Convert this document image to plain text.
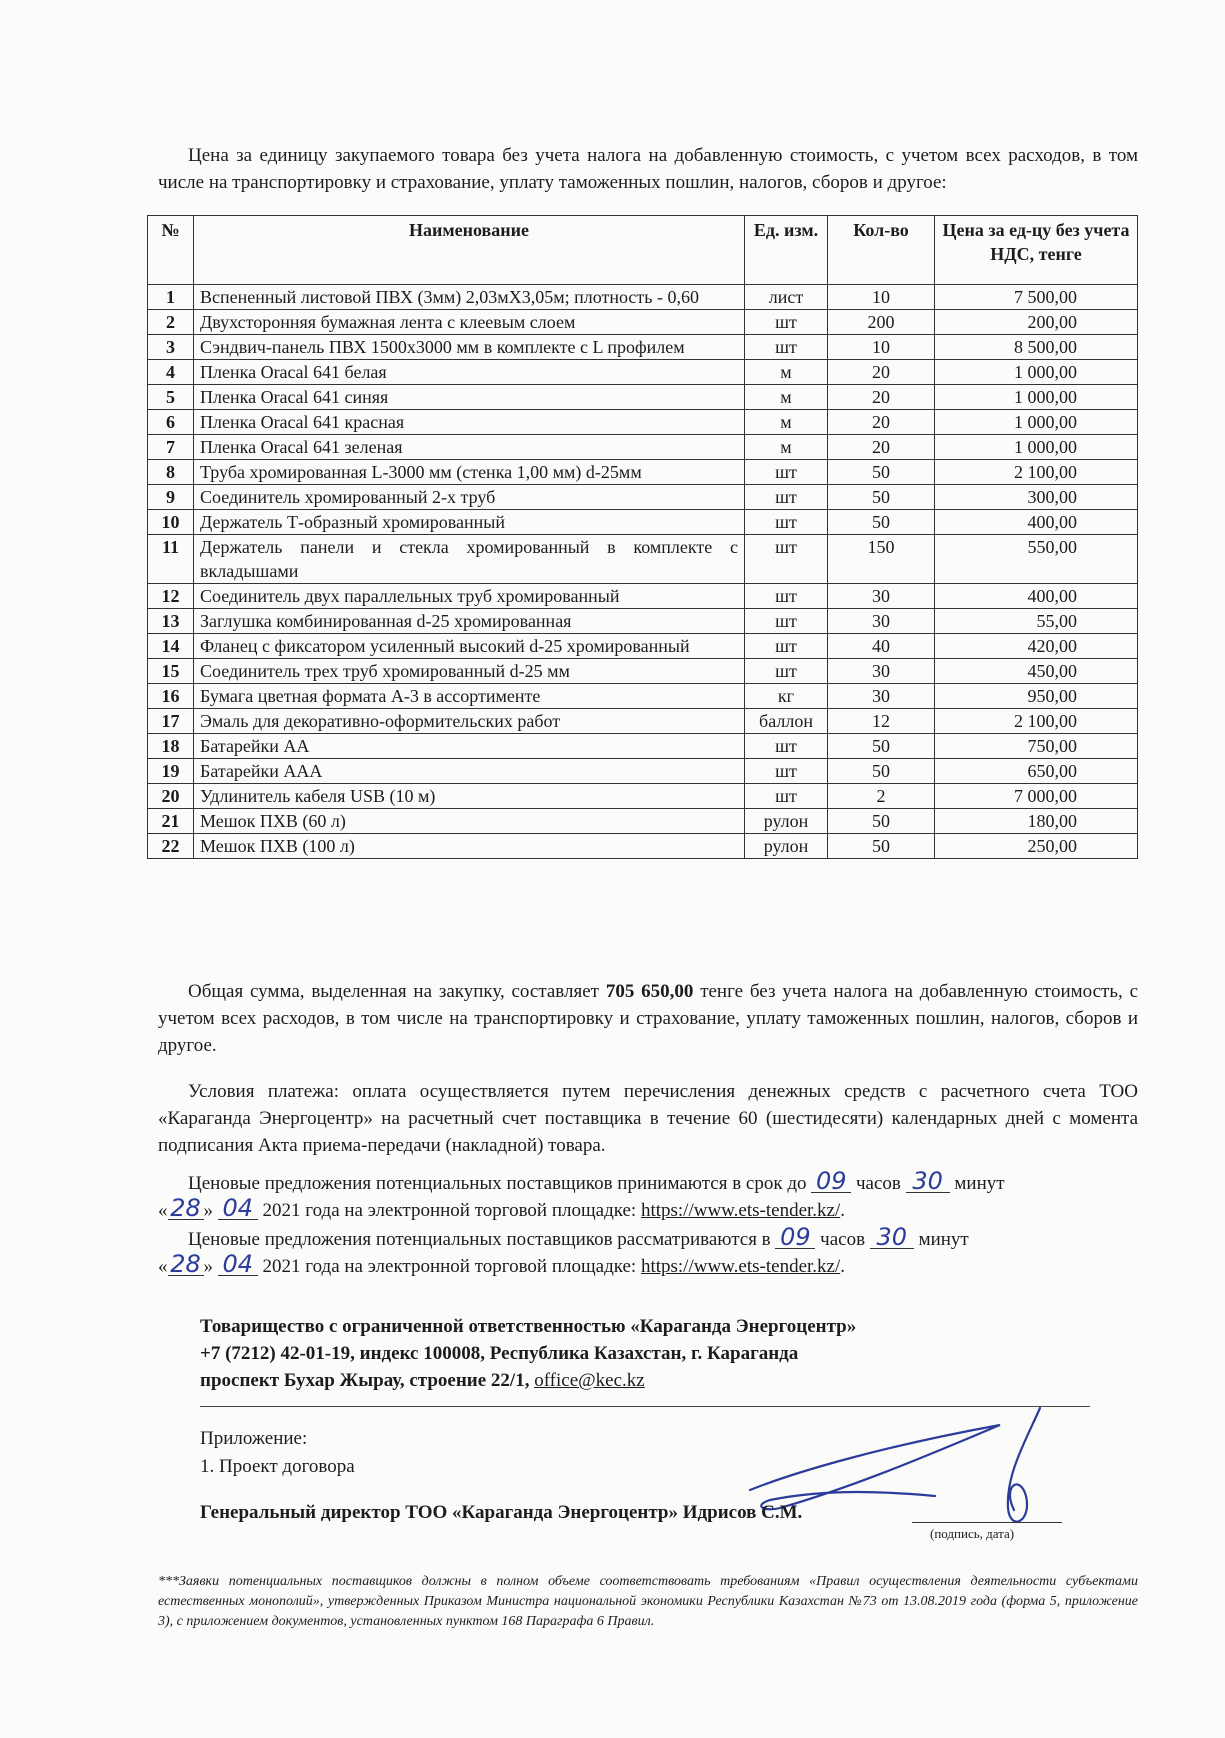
Цена за единицу закупаемого товара без учета налога на добавленную стоимость, с учетом всех расходов, в том числе на транспортировку и страхование, уплату таможенных пошлин, налогов, сборов и другое:
№	Наименование	Ед. изм.	Кол-во	Цена за ед-цу без учета НДС, тенге
1	Вспененный листовой ПВХ (3мм) 2,03мХ3,05м; плотность - 0,60	лист	10	7 500,00
2	Двухсторонняя бумажная лента с клеевым слоем	шт	200	200,00
3	Сэндвич-панель ПВХ 1500х3000 мм в комплекте с L профилем	шт	10	8 500,00
4	Пленка Oracal 641 белая	м	20	1 000,00
5	Пленка Oracal 641 синяя	м	20	1 000,00
6	Пленка Oracal 641 красная	м	20	1 000,00
7	Пленка Oracal 641 зеленая	м	20	1 000,00
8	Труба хромированная L-3000 мм (стенка 1,00 мм) d-25мм	шт	50	2 100,00
9	Соединитель хромированный 2-х труб	шт	50	300,00
10	Держатель Т-образный хромированный	шт	50	400,00
11	Держатель панели и стекла хромированный в комплекте с вкладышами	шт	150	550,00
12	Соединитель двух параллельных труб хромированный	шт	30	400,00
13	Заглушка комбинированная d-25 хромированная	шт	30	55,00
14	Фланец с фиксатором усиленный высокий d-25 хромированный	шт	40	420,00
15	Соединитель трех труб хромированный d-25 мм	шт	30	450,00
16	Бумага цветная формата А-3 в ассортименте	кг	30	950,00
17	Эмаль для декоративно-оформительских работ	баллон	12	2 100,00
18	Батарейки АА	шт	50	750,00
19	Батарейки ААА	шт	50	650,00
20	Удлинитель кабеля USB (10 м)	шт	2	7 000,00
21	Мешок ПХВ (60 л)	рулон	50	180,00
22	Мешок ПХВ (100 л)	рулон	50	250,00
Общая сумма, выделенная на закупку, составляет 705 650,00 тенге без учета налога на добавленную стоимость, с учетом всех расходов, в том числе на транспортировку и страхование, уплату таможенных пошлин, налогов, сборов и другое.
Условия платежа: оплата осуществляется путем перечисления денежных средств с расчетного счета ТОО «Караганда Энергоцентр» на расчетный счет поставщика в течение 60 (шестидесяти) календарных дней с момента подписания Акта приема-передачи (накладной) товара.
Ценовые предложения потенциальных поставщиков принимаются в срок до 09 часов 30 минут
« 28 » 04 2021 года на электронной торговой площадке: https://www.ets-tender.kz/.
Ценовые предложения потенциальных поставщиков рассматриваются в 09 часов 30 минут
« 28 » 04 2021 года на электронной торговой площадке: https://www.ets-tender.kz/.
Товарищество с ограниченной ответственностью «Караганда Энергоцентр»
+7 (7212) 42-01-19, индекс 100008, Республика Казахстан, г. Караганда
проспект Бухар Жырау, строение 22/1, office@kec.kz
Приложение:
1. Проект договора
Генеральный директор ТОО «Караганда Энергоцентр» Идрисов С.М.
(подпись, дата)
***Заявки потенциальных поставщиков должны в полном объеме соответствовать требованиям «Правил осуществления деятельности субъектами естественных монополий», утвержденных Приказом Министра национальной экономики Республики Казахстан №73 от 13.08.2019 года (форма 5, приложение 3), с приложением документов, установленных пунктом 168 Параграфа 6 Правил.
